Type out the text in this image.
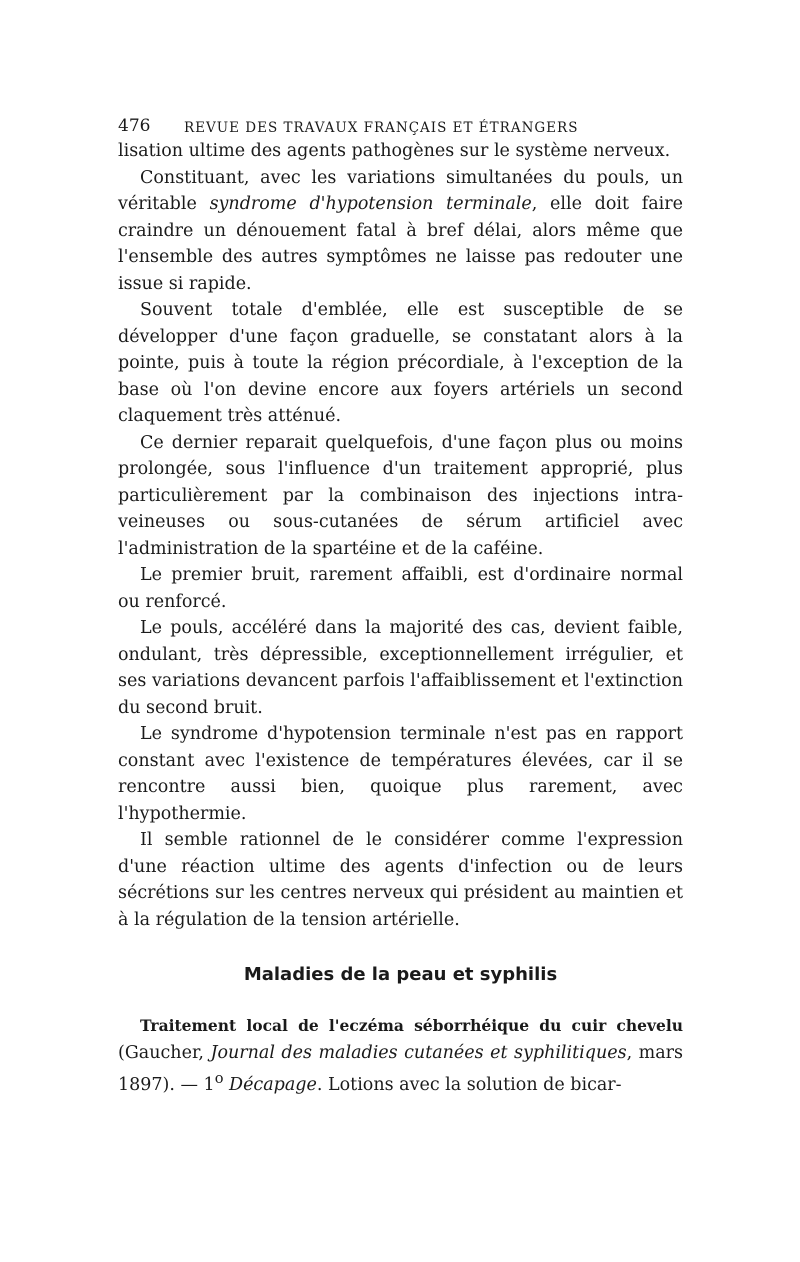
476 REVUE DES TRAVAUX FRANÇAIS ET ÉTRANGERS

lisation ultime des agents pathogènes sur le système nerveux.

Constituant, avec les variations simultanées du pouls, un véritable syndrome d'hypotension terminale, elle doit faire craindre un dénouement fatal à bref délai, alors même que l'ensemble des autres symptômes ne laisse pas redouter une issue si rapide.

Souvent totale d'emblée, elle est susceptible de se développer d'une façon graduelle, se constatant alors à la pointe, puis à toute la région précordiale, à l'exception de la base où l'on devine encore aux foyers artériels un second claquement très atténué.

Ce dernier reparait quelquefois, d'une façon plus ou moins prolongée, sous l'influence d'un traitement approprié, plus particulièrement par la combinaison des injections intra-veineuses ou sous-cutanées de sérum artificiel avec l'administration de la spartéine et de la caféine.

Le premier bruit, rarement affaibli, est d'ordinaire normal ou renforcé.

Le pouls, accéléré dans la majorité des cas, devient faible, ondulant, très dépressible, exceptionnellement irrégulier, et ses variations devancent parfois l'affaiblissement et l'extinction du second bruit.

Le syndrome d'hypotension terminale n'est pas en rapport constant avec l'existence de températures élevées, car il se rencontre aussi bien, quoique plus rarement, avec l'hypothermie.

Il semble rationnel de le considérer comme l'expression d'une réaction ultime des agents d'infection ou de leurs sécrétions sur les centres nerveux qui président au maintien et à la régulation de la tension artérielle.

Maladies de la peau et syphilis

Traitement local de l'eczéma séborrhéique du cuir chevelu (Gaucher, Journal des maladies cutanées et syphilitiques, mars 1897). — 1$^o$ Décapage. Lotions avec la solution de bicar-
